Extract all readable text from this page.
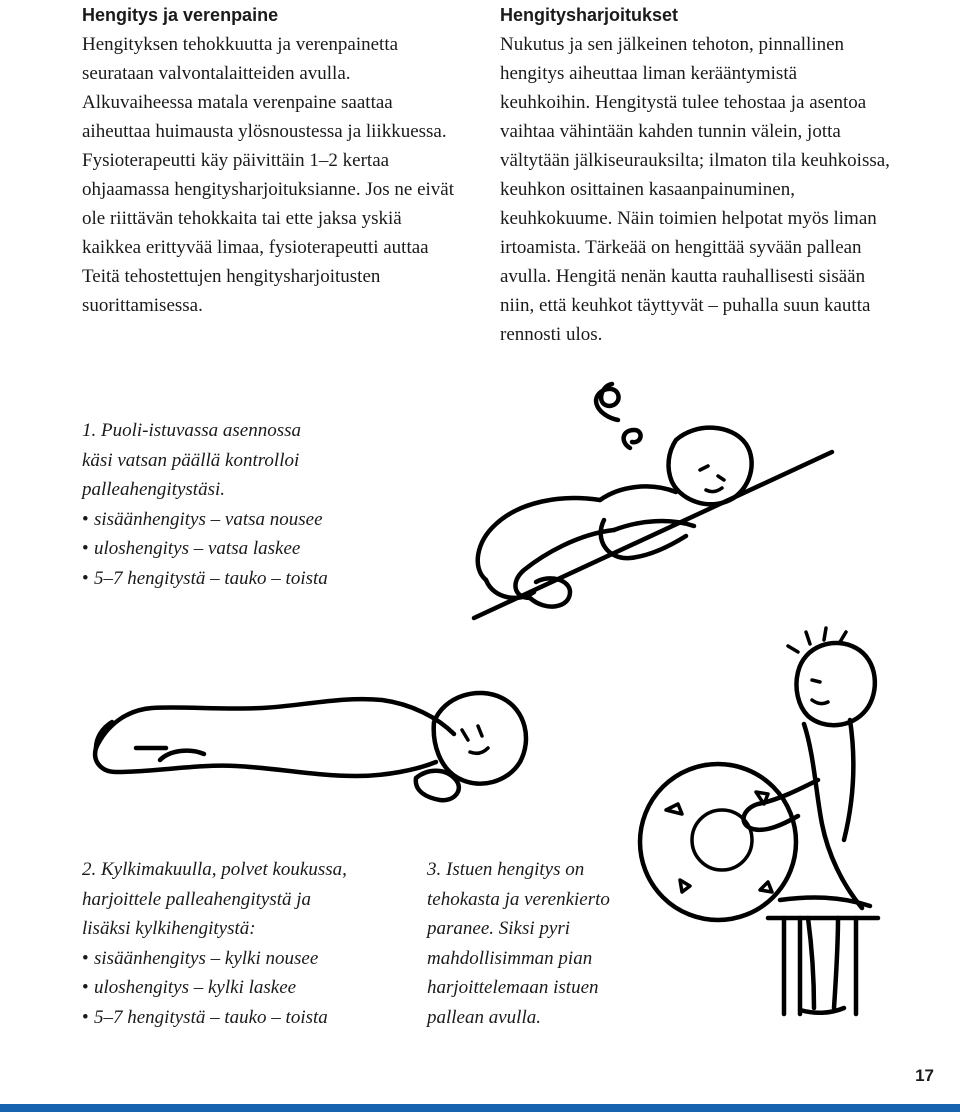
Hengitys ja verenpaine

Hengityksen tehokkuutta ja verenpainetta seurataan valvontalaitteiden avulla. Alkuvaiheessa matala verenpaine saattaa aiheuttaa huimausta ylösnoustessa ja liikkuessa. Fysioterapeutti käy päivittäin 1–2 kertaa ohjaamassa hengitysharjoituksianne. Jos ne eivät ole riittävän tehokkaita tai ette jaksa yskiä kaikkea erittyvää limaa, fysioterapeutti auttaa Teitä tehostettujen hengitysharjoitusten suorittamisessa.

Hengitysharjoitukset

Nukutus ja sen jälkeinen tehoton, pinnallinen hengitys aiheuttaa liman kerääntymistä keuhkoihin. Hengitystä tulee tehostaa ja asentoa vaihtaa vähintään kahden tunnin välein, jotta vältytään jälkiseurauksilta; ilmaton tila keuhkoissa, keuhkon osittainen kasaanpainuminen, keuhkokuume. Näin toimien helpotat myös liman irtoamista. Tärkeää on hengittää syvään pallean avulla. Hengitä nenän kautta rauhallisesti sisään niin, että keuhkot täyttyvät – puhalla suun kautta rennosti ulos.

1. Puoli-istuvassa asennossa

käsi vatsan päällä kontrolloi

palleahengitystäsi.

• sisäänhengitys – vatsa nousee
• uloshengitys – vatsa laskee
• 5–7 hengitystä – tauko – toista

2. Kylkimakuulla, polvet koukussa,

harjoittele palleahengitystä ja

lisäksi kylkihengitystä:

• sisäänhengitys – kylki nousee
• uloshengitys – kylki laskee
• 5–7 hengitystä – tauko – toista

3. Istuen hengitys on

tehokasta ja verenkierto

paranee. Siksi pyri

mahdollisimman pian

harjoittelemaan istuen

pallean avulla.

17
